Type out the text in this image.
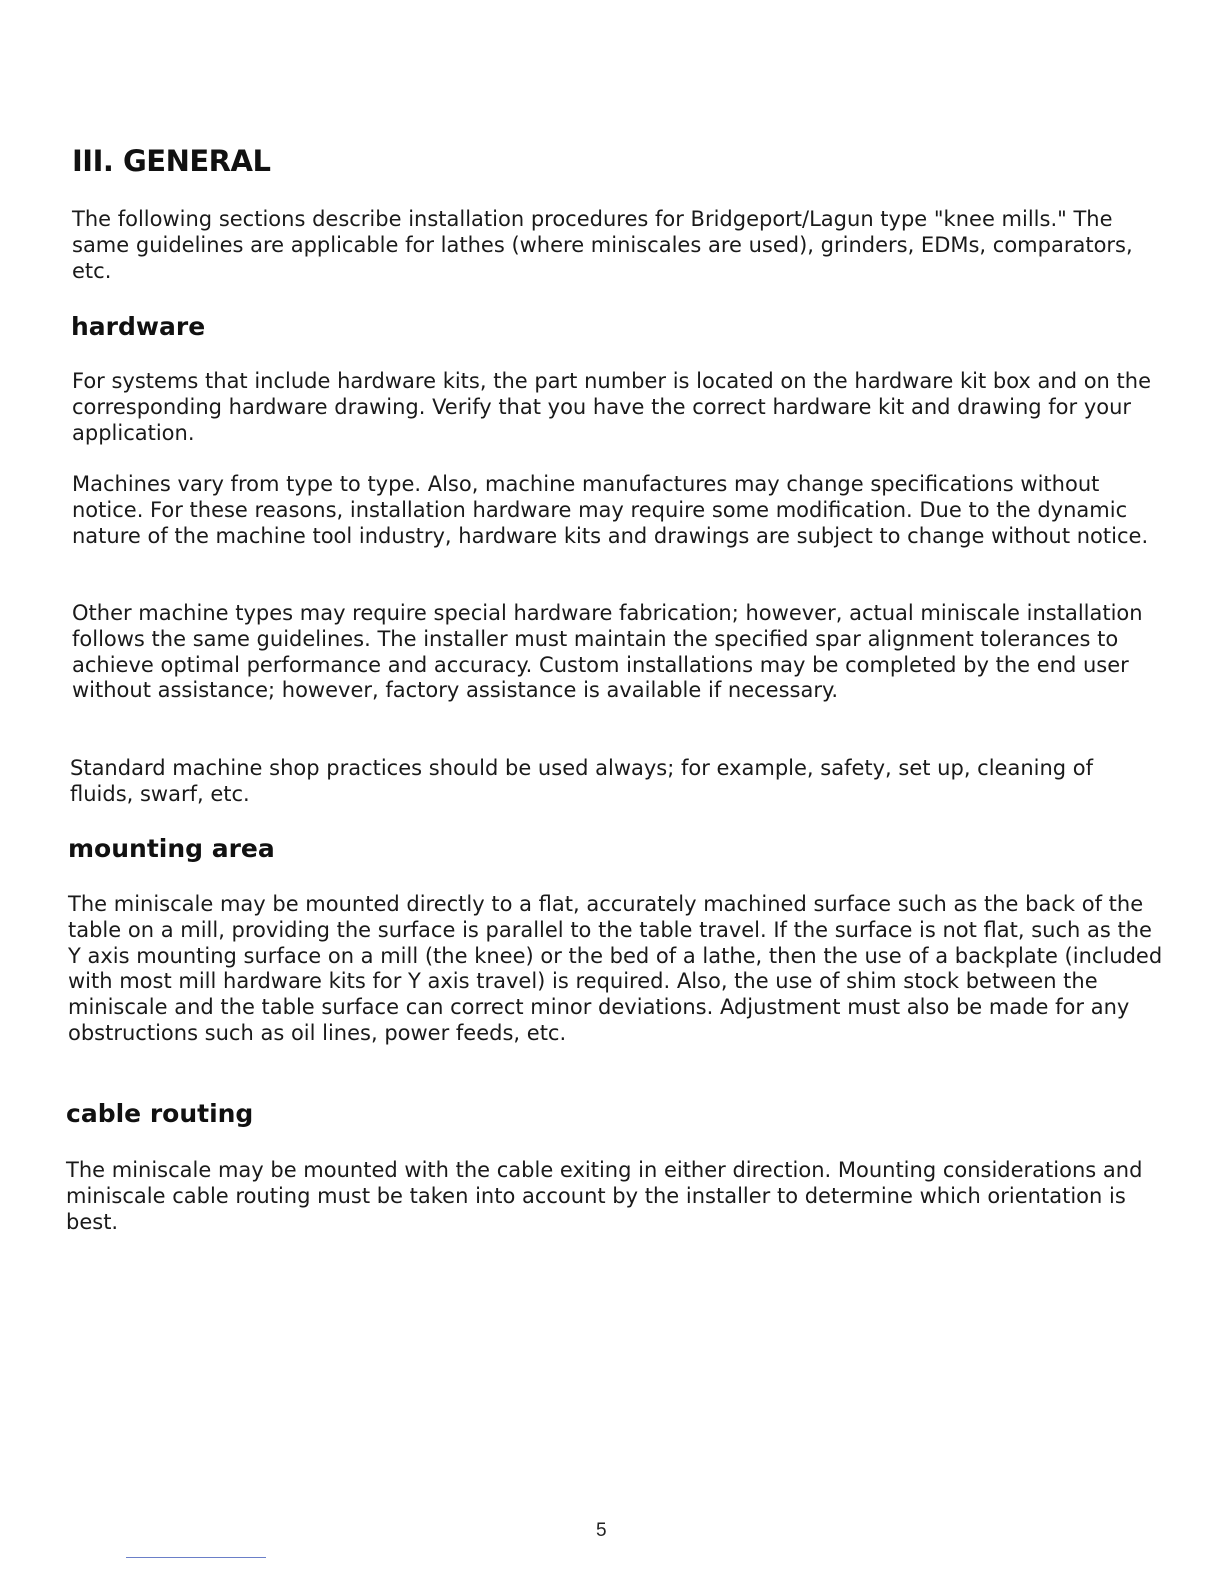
III. GENERAL

The following sections describe installation procedures for Bridgeport/Lagun type "knee mills." The same guidelines are applicable for lathes (where miniscales are used), grinders, EDMs, comparators, etc.

hardware

For systems that include hardware kits, the part number is located on the hardware kit box and on the corresponding hardware drawing. Verify that you have the correct hardware kit and drawing for your application.

Machines vary from type to type. Also, machine manufactures may change specifications without notice. For these reasons, installation hardware may require some modification. Due to the dynamic nature of the machine tool industry, hardware kits and drawings are subject to change without notice.

Other machine types may require special hardware fabrication; however, actual miniscale installation follows the same guidelines. The installer must maintain the specified spar alignment tolerances to achieve optimal performance and accuracy. Custom installations may be completed by the end user without assistance; however, factory assistance is available if necessary.

Standard machine shop practices should be used always; for example, safety, set up, cleaning of fluids, swarf, etc.

mounting area

The miniscale may be mounted directly to a flat, accurately machined surface such as the back of the table on a mill, providing the surface is parallel to the table travel. If the surface is not flat, such as the Y axis mounting surface on a mill (the knee) or the bed of a lathe, then the use of a backplate (included with most mill hardware kits for Y axis travel) is required. Also, the use of shim stock between the miniscale and the table surface can correct minor deviations. Adjustment must also be made for any obstructions such as oil lines, power feeds, etc.

cable routing

The miniscale may be mounted with the cable exiting in either direction. Mounting considerations and miniscale cable routing must be taken into account by the installer to determine which orientation is best.

5
